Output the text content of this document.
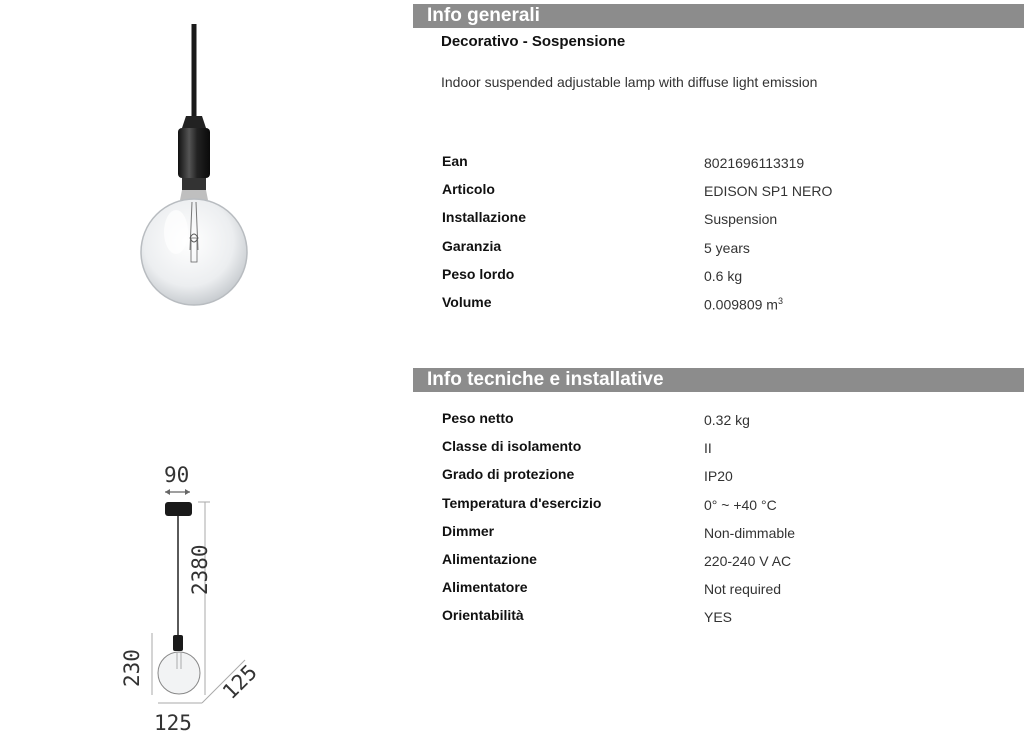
Info generali
Decorativo - Sospensione
Indoor suspended adjustable lamp with diffuse light emission
Ean	8021696113319
Articolo	EDISON SP1 NERO
Installazione	Suspension
Garanzia	5 years
Peso lordo	0.6 kg
Volume	0.009809 $m^3$
Info tecniche e installative
Peso netto	0.32 kg
Classe di isolamento	II
Grado di protezione	IP20
Temperatura d'esercizio	0° ~ +40 °C
Dimmer	Non-dimmable
Alimentazione	220-240 V AC
Alimentatore	Not required
Orientabilità	YES
90
2380
230
125
125
